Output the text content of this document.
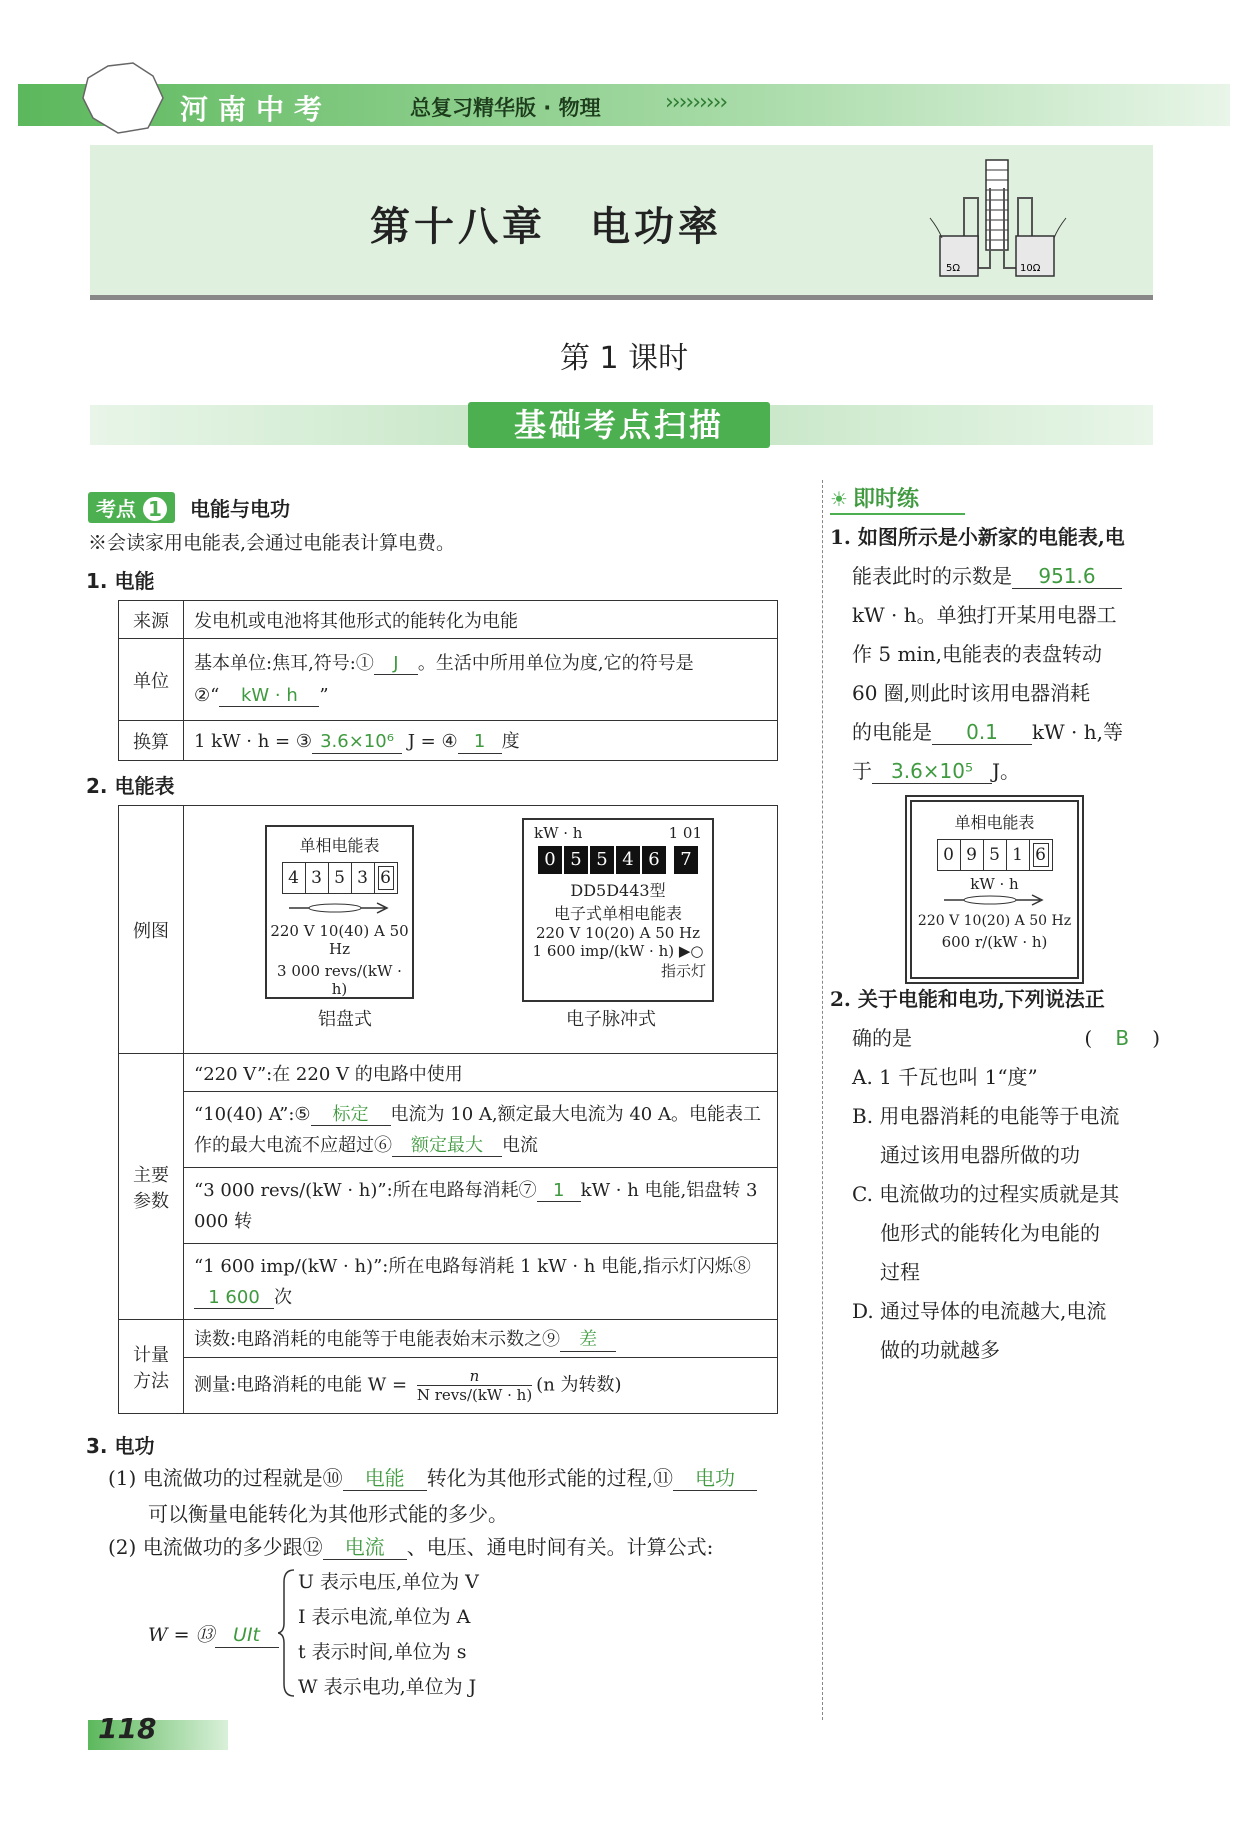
河南中考	总复习精华版 · 物理	›››››››››
第十八章　电功率
5Ω	10Ω
第 1 课时
基础考点扫描
考点 1 电能与电功
※会读家用电能表,会通过电能表计算电费。
1. 电能
来源	发电机或电池将其他形式的能转化为电能
单位	基本单位:焦耳,符号:① J 。生活中所用单位为度,它的符号是
②“ kW · h ”
换算	1 kW · h = ③ 3.6×10⁶ J = ④ 1 度
2. 电能表
例图	
主要参数	“220 V”:在 220 V 的电路中使用
	“10(40) A”:⑤ 标定 电流为 10 A,额定最大电流为 40 A。电能表工作的最大电流不应超过⑥ 额定最大 电流
	“3 000 revs/(kW · h)”:所在电路每消耗⑦ 1 kW · h 电能,铝盘转 3 000 转
	“1 600 imp/(kW · h)”:所在电路每消耗 1 kW · h 电能,指示灯闪烁⑧1 600 次
计量方法	读数:电路消耗的电能等于电能表始末示数之⑨ 差
	测量:电路消耗的电能 W = n
N revs/(kW · h) (n 为转数)
单相电能表
4 3 5 3 6
220 V 10(40) A 50 Hz
3 000 revs/(kW · h)
铝盘式
kW · h	1 01
0 5 5 4 6	7
DD5D443型
电子式单相电能表
220 V 10(20) A 50 Hz
1 600 imp/(kW · h) ▶○
指示灯
电子脉冲式
3. 电功
(1) 电流做功的过程就是⑩ 电能 转化为其他形式能的过程,⑪ 电功
可以衡量电能转化为其他形式能的多少。
(2) 电流做功的多少跟⑫ 电流 、电压、通电时间有关。计算公式:
W = ⑬ UIt
U 表示电压,单位为 V
I 表示电流,单位为 A
t 表示时间,单位为 s
W 表示电功,单位为 J
☀ 即时练
1. 如图所示是小新家的电能表,电
能表此时的示数是 951.6
kW · h。单独打开某用电器工
作 5 min,电能表的表盘转动
60 圈,则此时该用电器消耗
的电能是 0.1 kW · h,等
于 3.6×10⁵ J。
单相电能表
0 9 5 1 6
kW · h
220 V 10(20) A 50 Hz
600 r/(kW · h)
2. 关于电能和电功,下列说法正
确的是	( B )
A. 1 千瓦也叫 1“度”
B. 用电器消耗的电能等于电流
通过该用电器所做的功
C. 电流做功的过程实质就是其
他形式的能转化为电能的
过程
D. 通过导体的电流越大,电流
做的功就越多
118
